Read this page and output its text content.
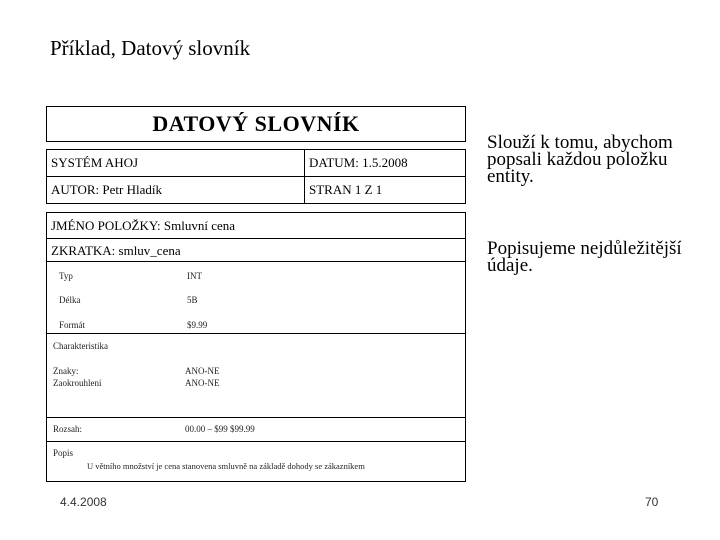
Příklad, Datový slovník
DATOVÝ SLOVNÍK
SYSTÉM AHOJ	DATUM: 1.5.2008
AUTOR: Petr Hladík	STRAN 1 Z 1
JMÉNO POLOŽKY: Smluvní cena
ZKRATKA: smluv_cena
Typ	INT
Délka	5B
Formát	$9.99
Charakteristika
Znaky:	ANO-NE
Zaokrouhlení	ANO-NE
Rozsah:	00.00 – $99 $99.99
Popis
U větního množství je cena stanovena smluvně na základě dohody se zákazníkem
Slouží k tomu, abychom popsali každou položku entity.
Popisujeme nejdůležitější údaje.
4.4.2008	70
